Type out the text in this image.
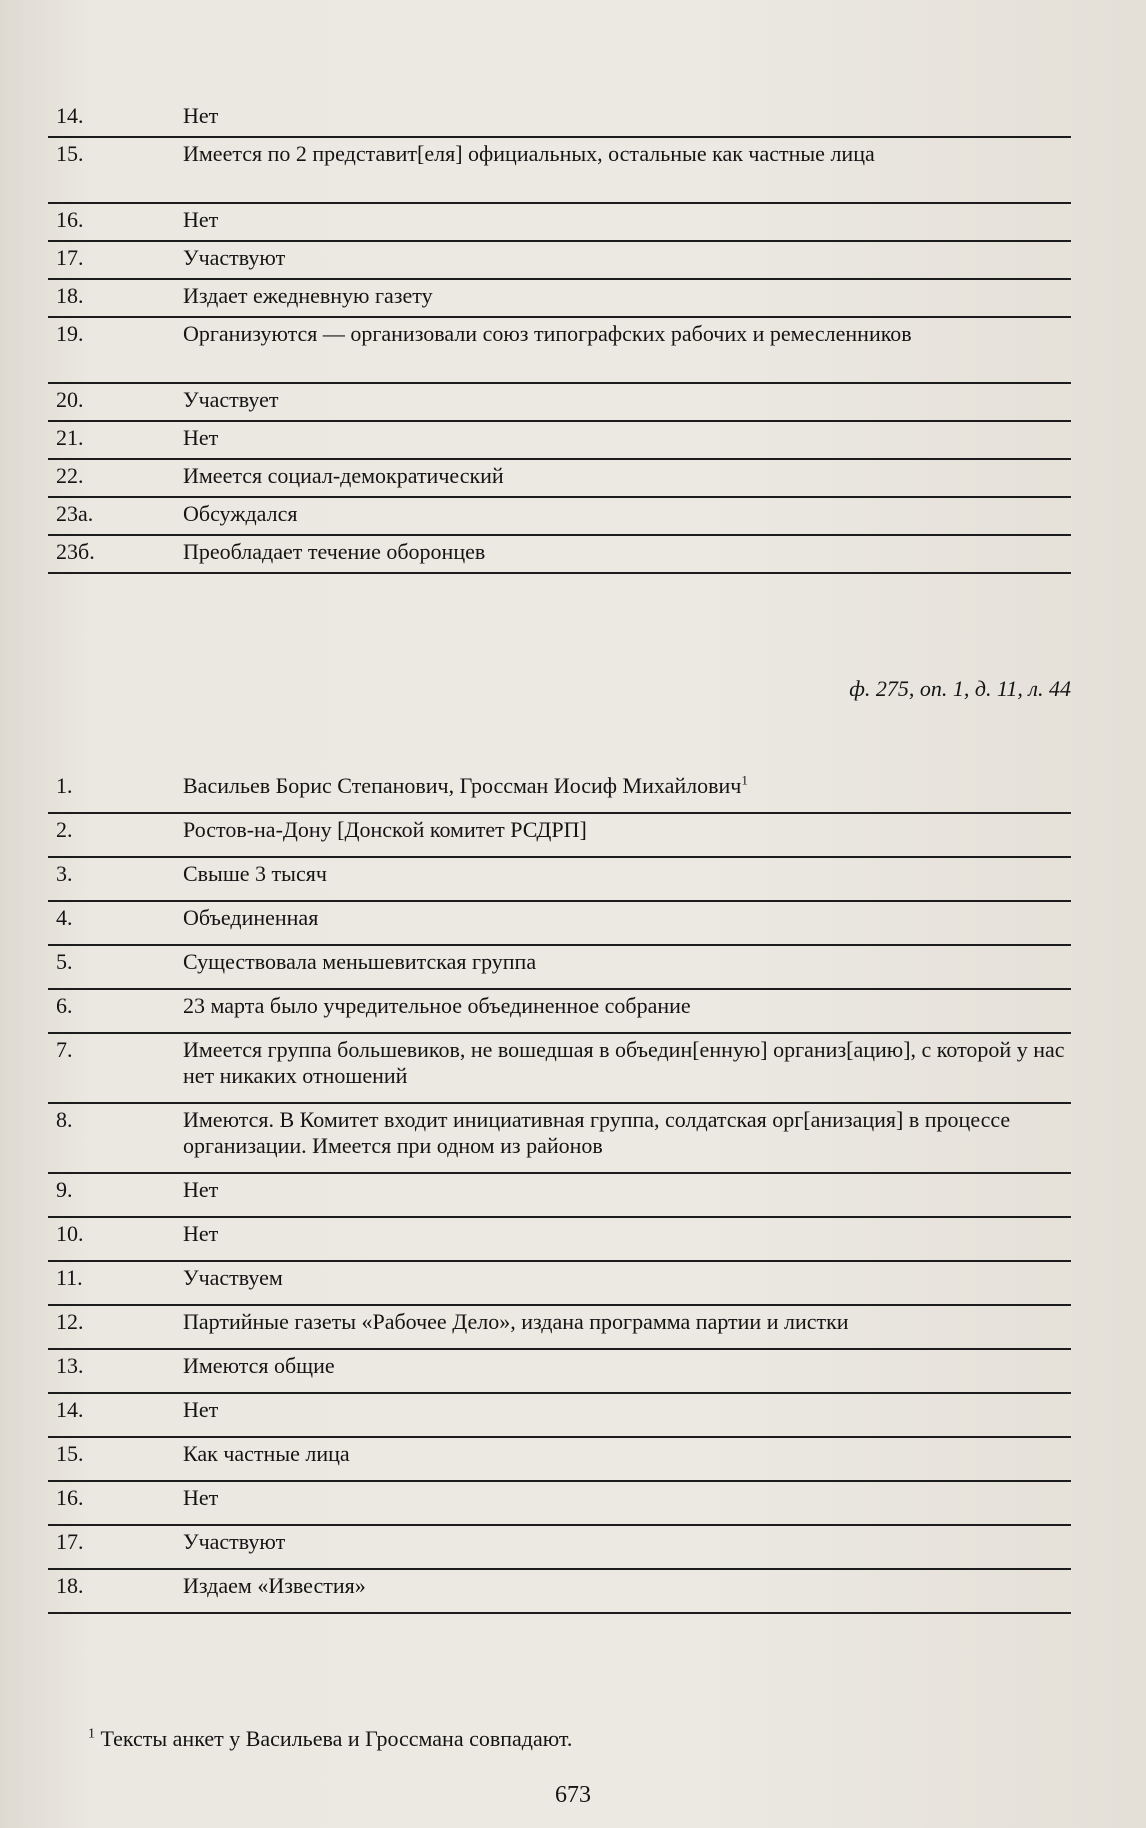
14.	Нет
15.	Имеется по 2 представит[еля] официальных, остальные как частные лица
16.	Нет
17.	Участвуют
18.	Издает ежедневную газету
19.	Организуются — организовали союз типографских рабочих и ремесленников
20.	Участвует
21.	Нет
22.	Имеется социал-демократический
23а.	Обсуждался
23б.	Преобладает течение оборонцев
ф. 275, оп. 1, д. 11, л. 44
1.	Васильев Борис Степанович, Гроссман Иосиф Михайлович$^1$
2.	Ростов-на-Дону [Донской комитет РСДРП]
3.	Свыше 3 тысяч
4.	Объединенная
5.	Существовала меньшевитская группа
6.	23 марта было учредительное объединенное собрание
7.	Имеется группа большевиков, не вошедшая в объедин[енную] организ[ацию], с которой у нас нет никаких отношений
8.	Имеются. В Комитет входит инициативная группа, солдатская орг[анизация] в процессе организации. Имеется при одном из районов
9.	Нет
10.	Нет
11.	Участвуем
12.	Партийные газеты «Рабочее Дело», издана программа партии и листки
13.	Имеются общие
14.	Нет
15.	Как частные лица
16.	Нет
17.	Участвуют
18.	Издаем «Известия»
$^1$ Тексты анкет у Васильева и Гроссмана совпадают.
673
